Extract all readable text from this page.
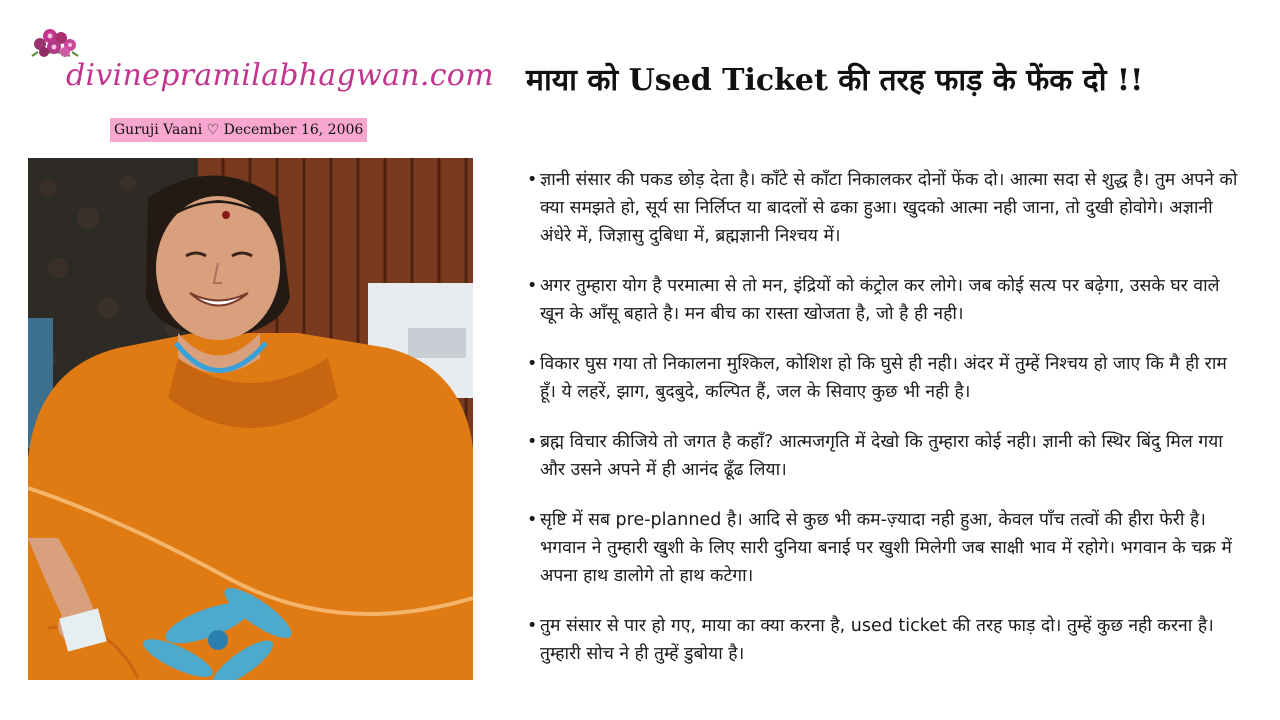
divinepramilabhagwan.com
Guruji Vaani ♡ December 16, 2006
माया को Used Ticket की तरह फाड़ के फेंक दो !!
• ज्ञानी संसार की पकड छोड़ देता है। काँटे से काँटा निकालकर दोनों फेंक दो। आत्मा सदा से शुद्ध है। तुम अपने को क्या समझते हो, सूर्य सा निर्लिप्त या बादलों से ढका हुआ। खुदको आत्मा नही जाना, तो दुखी होवोगे। अज्ञानी अंधेरे में, जिज्ञासु दुबिधा में, ब्रह्मज्ञानी निश्चय में।
• अगर तुम्हारा योग है परमात्मा से तो मन, इंद्रियों को कंट्रोल कर लोगे। जब कोई सत्य पर बढ़ेगा, उसके घर वाले खून के आँसू बहाते है। मन बीच का रास्ता खोजता है, जो है ही नही।
• विकार घुस गया तो निकालना मुश्किल, कोशिश हो कि घुसे ही नही। अंदर में तुम्हें निश्चय हो जाए कि मै ही राम हूँ। ये लहरें, झाग, बुदबुदे, कल्पित हैं, जल के सिवाए कुछ भी नही है।
• ब्रह्म विचार कीजिये तो जगत है कहाँ? आत्मजगृति में देखो कि तुम्हारा कोई नही। ज्ञानी को स्थिर बिंदु मिल गया और उसने अपने में ही आनंद ढूँढ लिया।
• सृष्टि में सब pre-planned है। आदि से कुछ भी कम-ज़्यादा नही हुआ, केवल पाँच तत्वों की हीरा फेरी है। भगवान ने तुम्हारी खुशी के लिए सारी दुनिया बनाई पर खुशी मिलेगी जब साक्षी भाव में रहोगे। भगवान के चक्र में अपना हाथ डालोगे तो हाथ कटेगा।
• तुम संसार से पार हो गए, माया का क्या करना है, used ticket की तरह फाड़ दो। तुम्हें कुछ नही करना है। तुम्हारी सोच ने ही तुम्हें डुबोया है।
